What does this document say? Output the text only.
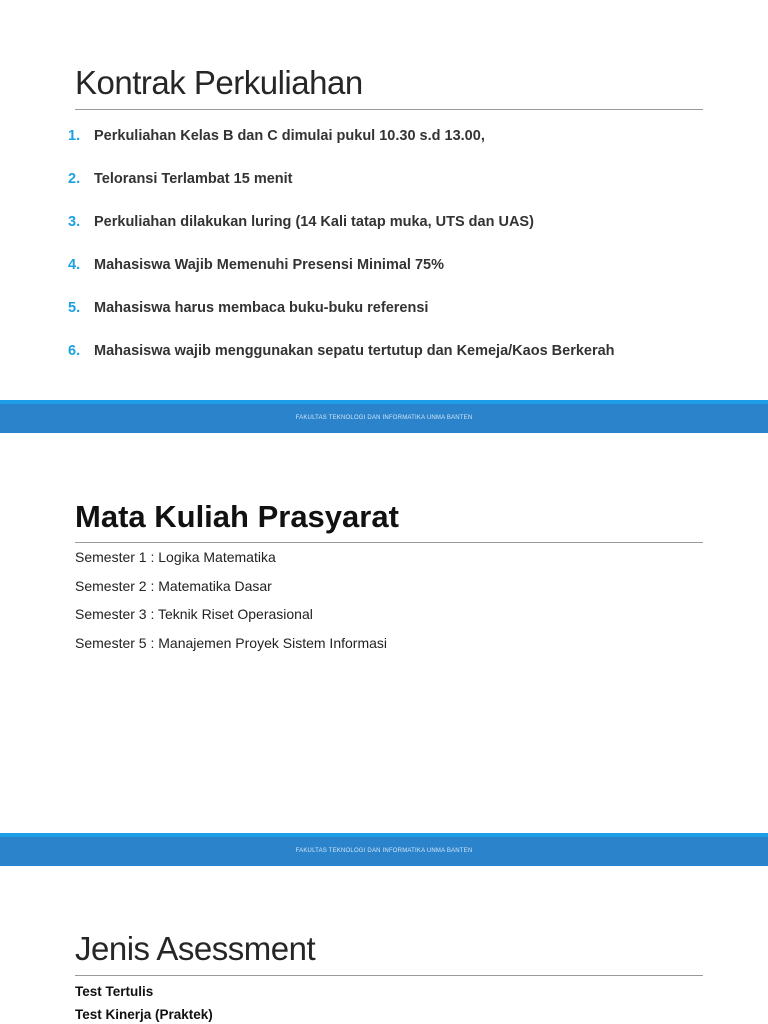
Kontrak Perkuliahan
1. Perkuliahan Kelas B dan C dimulai pukul 10.30 s.d 13.00,
2. Teloransi Terlambat 15 menit
3. Perkuliahan dilakukan luring (14 Kali tatap muka, UTS dan UAS)
4. Mahasiswa Wajib Memenuhi Presensi Minimal 75%
5. Mahasiswa harus membaca buku-buku referensi
6. Mahasiswa wajib menggunakan sepatu tertutup dan Kemeja/Kaos Berkerah
FAKULTAS TEKNOLOGI DAN INFORMATIKA UNMA BANTEN
Mata Kuliah Prasyarat
Semester 1 : Logika Matematika
Semester 2 : Matematika Dasar
Semester 3 : Teknik Riset Operasional
Semester 5 : Manajemen Proyek Sistem Informasi
FAKULTAS TEKNOLOGI DAN INFORMATIKA UNMA BANTEN
Jenis Asessment
Test Tertulis
Test Kinerja (Praktek)
